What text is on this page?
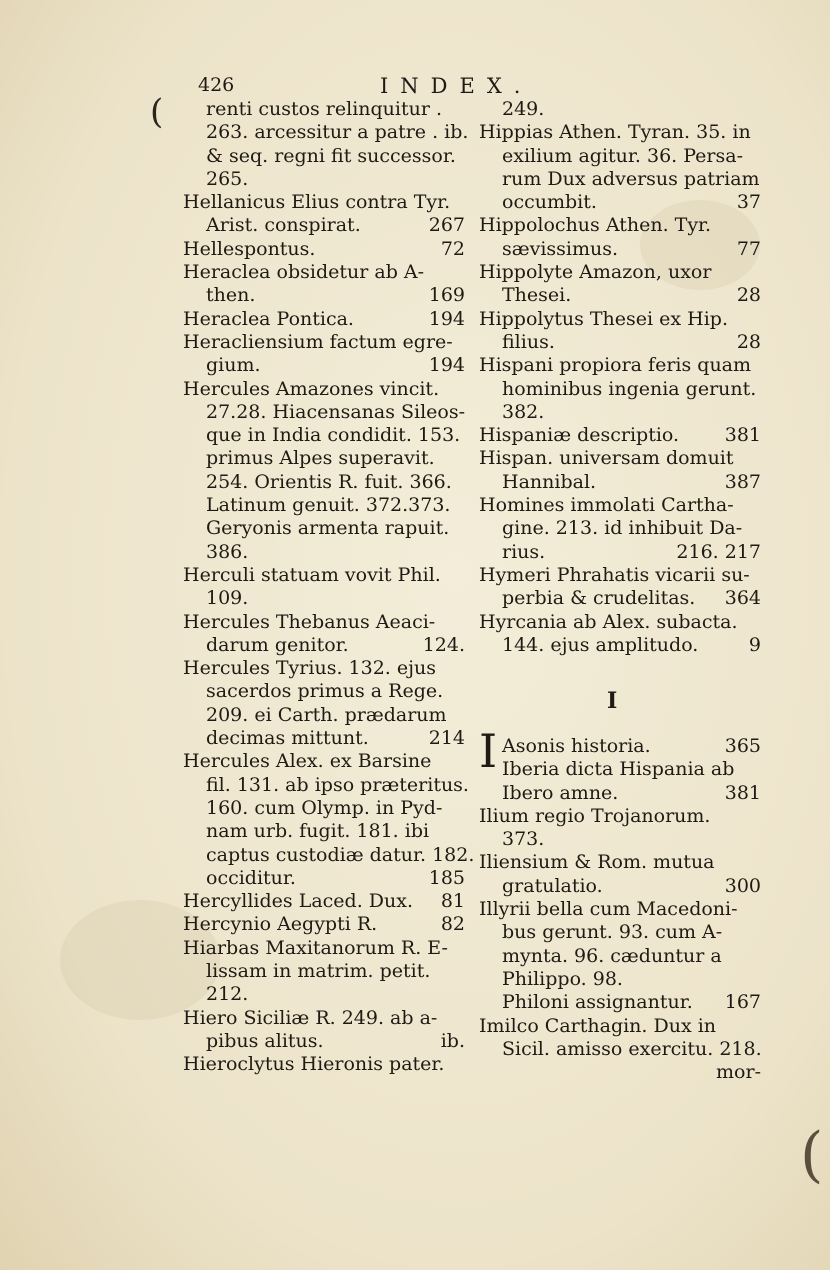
426	INDEX.
renti custos relinquitur .
263. arcessitur a patre . ib.
& seq. regni fit successor.
265.
Hellanicus Elius contra Tyr.
Arist. conspirat.	267
Hellespontus.	72
Heraclea obsidetur ab A-
then.	169
Heraclea Pontica.	194
Heracliensium factum egre-
gium.	194
Hercules Amazones vincit.
27.28. Hiacensanas Sileos-
que in India condidit. 153.
primus Alpes superavit.
254. Orientis R. fuit. 366.
Latinum genuit. 372.373.
Geryonis armenta rapuit.
386.
Herculi statuam vovit Phil.
109.
Hercules Thebanus Aeaci-
darum genitor.	124.
Hercules Tyrius. 132. ejus
sacerdos primus a Rege.
209. ei Carth. prædarum
decimas mittunt.	214
Hercules Alex. ex Barsine
fil. 131. ab ipso præteritus.
160. cum Olymp. in Pyd-
nam urb. fugit. 181. ibi
captus custodiæ datur. 182.
occiditur.	185
Hercyllides Laced. Dux.	81
Hercynio Aegypti R.	82
Hiarbas Maxitanorum R. E-
lissam in matrim. petit.
212.
Hiero Siciliæ R. 249. ab a-
pibus alitus.	ib.
Hieroclytus Hieronis pater.
249.
Hippias Athen. Tyran. 35. in
exilium agitur. 36. Persa-
rum Dux adversus patriam
occumbit.	37
Hippolochus Athen. Tyr.
sævissimus.	77
Hippolyte Amazon, uxor
Thesei.	28
Hippolytus Thesei ex Hip.
filius.	28
Hispani propiora feris quam
hominibus ingenia gerunt.
382.
Hispaniæ descriptio.	381
Hispan. universam domuit
Hannibal.	387
Homines immolati Cartha-
gine. 213. id inhibuit Da-
rius.	216. 217
Hymeri Phrahatis vicarii su-
perbia & crudelitas.	364
Hyrcania ab Alex. subacta.
144. ejus amplitudo.	9
I
I Asonis historia.	365
Iberia dicta Hispania ab
Ibero amne.	381
Ilium regio Trojanorum.
373.
Iliensium & Rom. mutua
gratulatio.	300
Illyrii bella cum Macedoni-
bus gerunt. 93. cum A-
mynta. 96. cæduntur a
Philippo. 98.
Philoni assignantur.	167
Imilco Carthagin. Dux in
Sicil. amisso exercitu. 218.
mor-
(
(
